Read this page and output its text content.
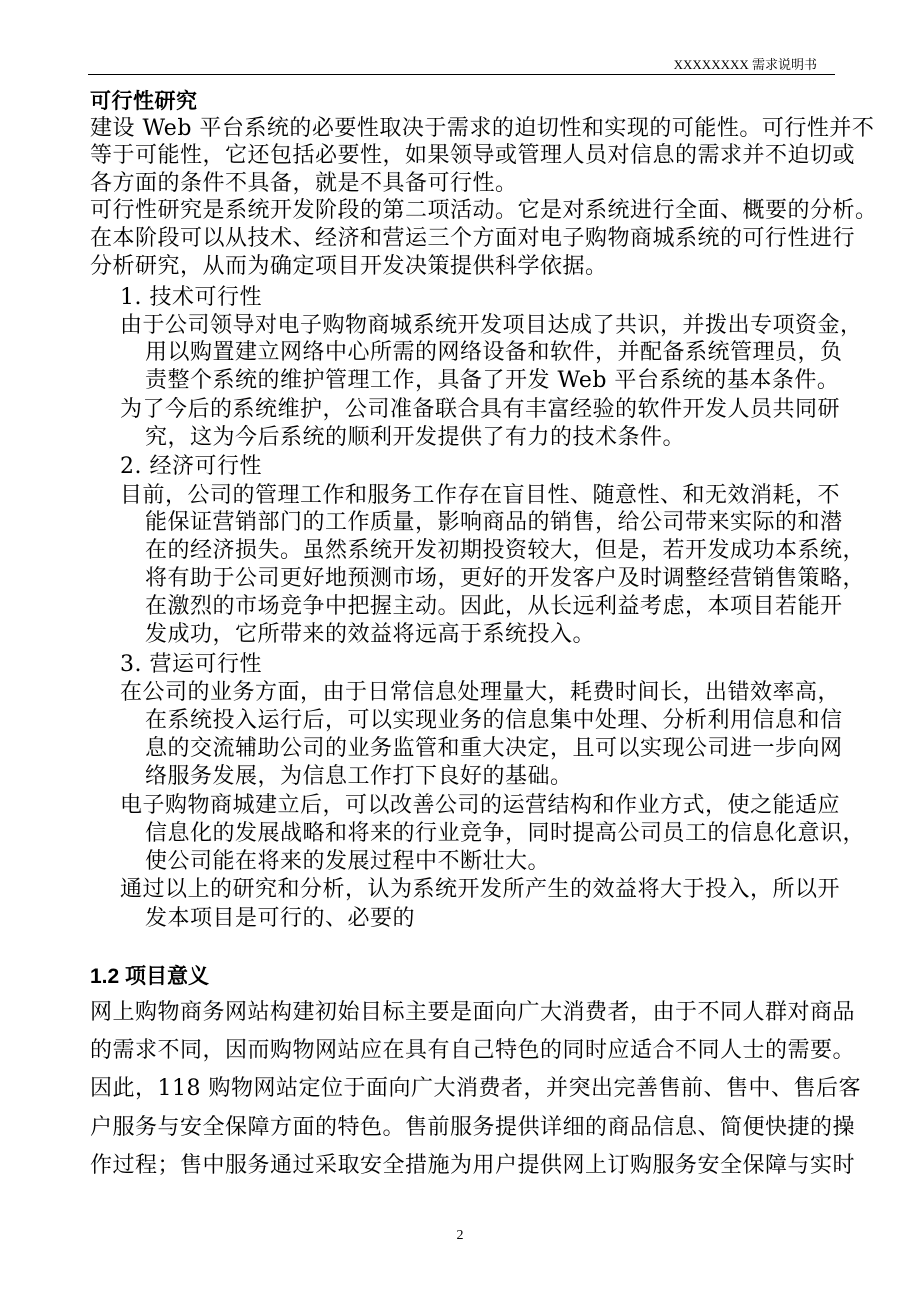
XXXXXXXX 需求说明书
可行性研究
建设 Web 平台系统的必要性取决于需求的迫切性和实现的可能性。可行性并不
等于可能性，它还包括必要性，如果领导或管理人员对信息的需求并不迫切或
各方面的条件不具备，就是不具备可行性。
可行性研究是系统开发阶段的第二项活动。它是对系统进行全面、概要的分析。
在本阶段可以从技术、经济和营运三个方面对电子购物商城系统的可行性进行
分析研究，从而为确定项目开发决策提供科学依据。
1. 技术可行性
由于公司领导对电子购物商城系统开发项目达成了共识，并拨出专项资金，
用以购置建立网络中心所需的网络设备和软件，并配备系统管理员，负
责整个系统的维护管理工作，具备了开发 Web 平台系统的基本条件。
为了今后的系统维护，公司准备联合具有丰富经验的软件开发人员共同研
究，这为今后系统的顺利开发提供了有力的技术条件。
2. 经济可行性
目前，公司的管理工作和服务工作存在盲目性、随意性、和无效消耗，不
能保证营销部门的工作质量，影响商品的销售，给公司带来实际的和潜
在的经济损失。虽然系统开发初期投资较大，但是，若开发成功本系统，
将有助于公司更好地预测市场，更好的开发客户及时调整经营销售策略，
在激烈的市场竞争中把握主动。因此，从长远利益考虑，本项目若能开
发成功，它所带来的效益将远高于系统投入。
3. 营运可行性
在公司的业务方面，由于日常信息处理量大，耗费时间长，出错效率高，
在系统投入运行后，可以实现业务的信息集中处理、分析利用信息和信
息的交流辅助公司的业务监管和重大决定，且可以实现公司进一步向网
络服务发展，为信息工作打下良好的基础。
电子购物商城建立后，可以改善公司的运营结构和作业方式，使之能适应
信息化的发展战略和将来的行业竞争，同时提高公司员工的信息化意识，
使公司能在将来的发展过程中不断壮大。
通过以上的研究和分析，认为系统开发所产生的效益将大于投入，所以开
发本项目是可行的、必要的
1.2 项目意义
网上购物商务网站构建初始目标主要是面向广大消费者，由于不同人群对商品
的需求不同，因而购物网站应在具有自己特色的同时应适合不同人士的需要。
因此，118 购物网站定位于面向广大消费者，并突出完善售前、售中、售后客
户服务与安全保障方面的特色。售前服务提供详细的商品信息、简便快捷的操
作过程；售中服务通过采取安全措施为用户提供网上订购服务安全保障与实时
2
